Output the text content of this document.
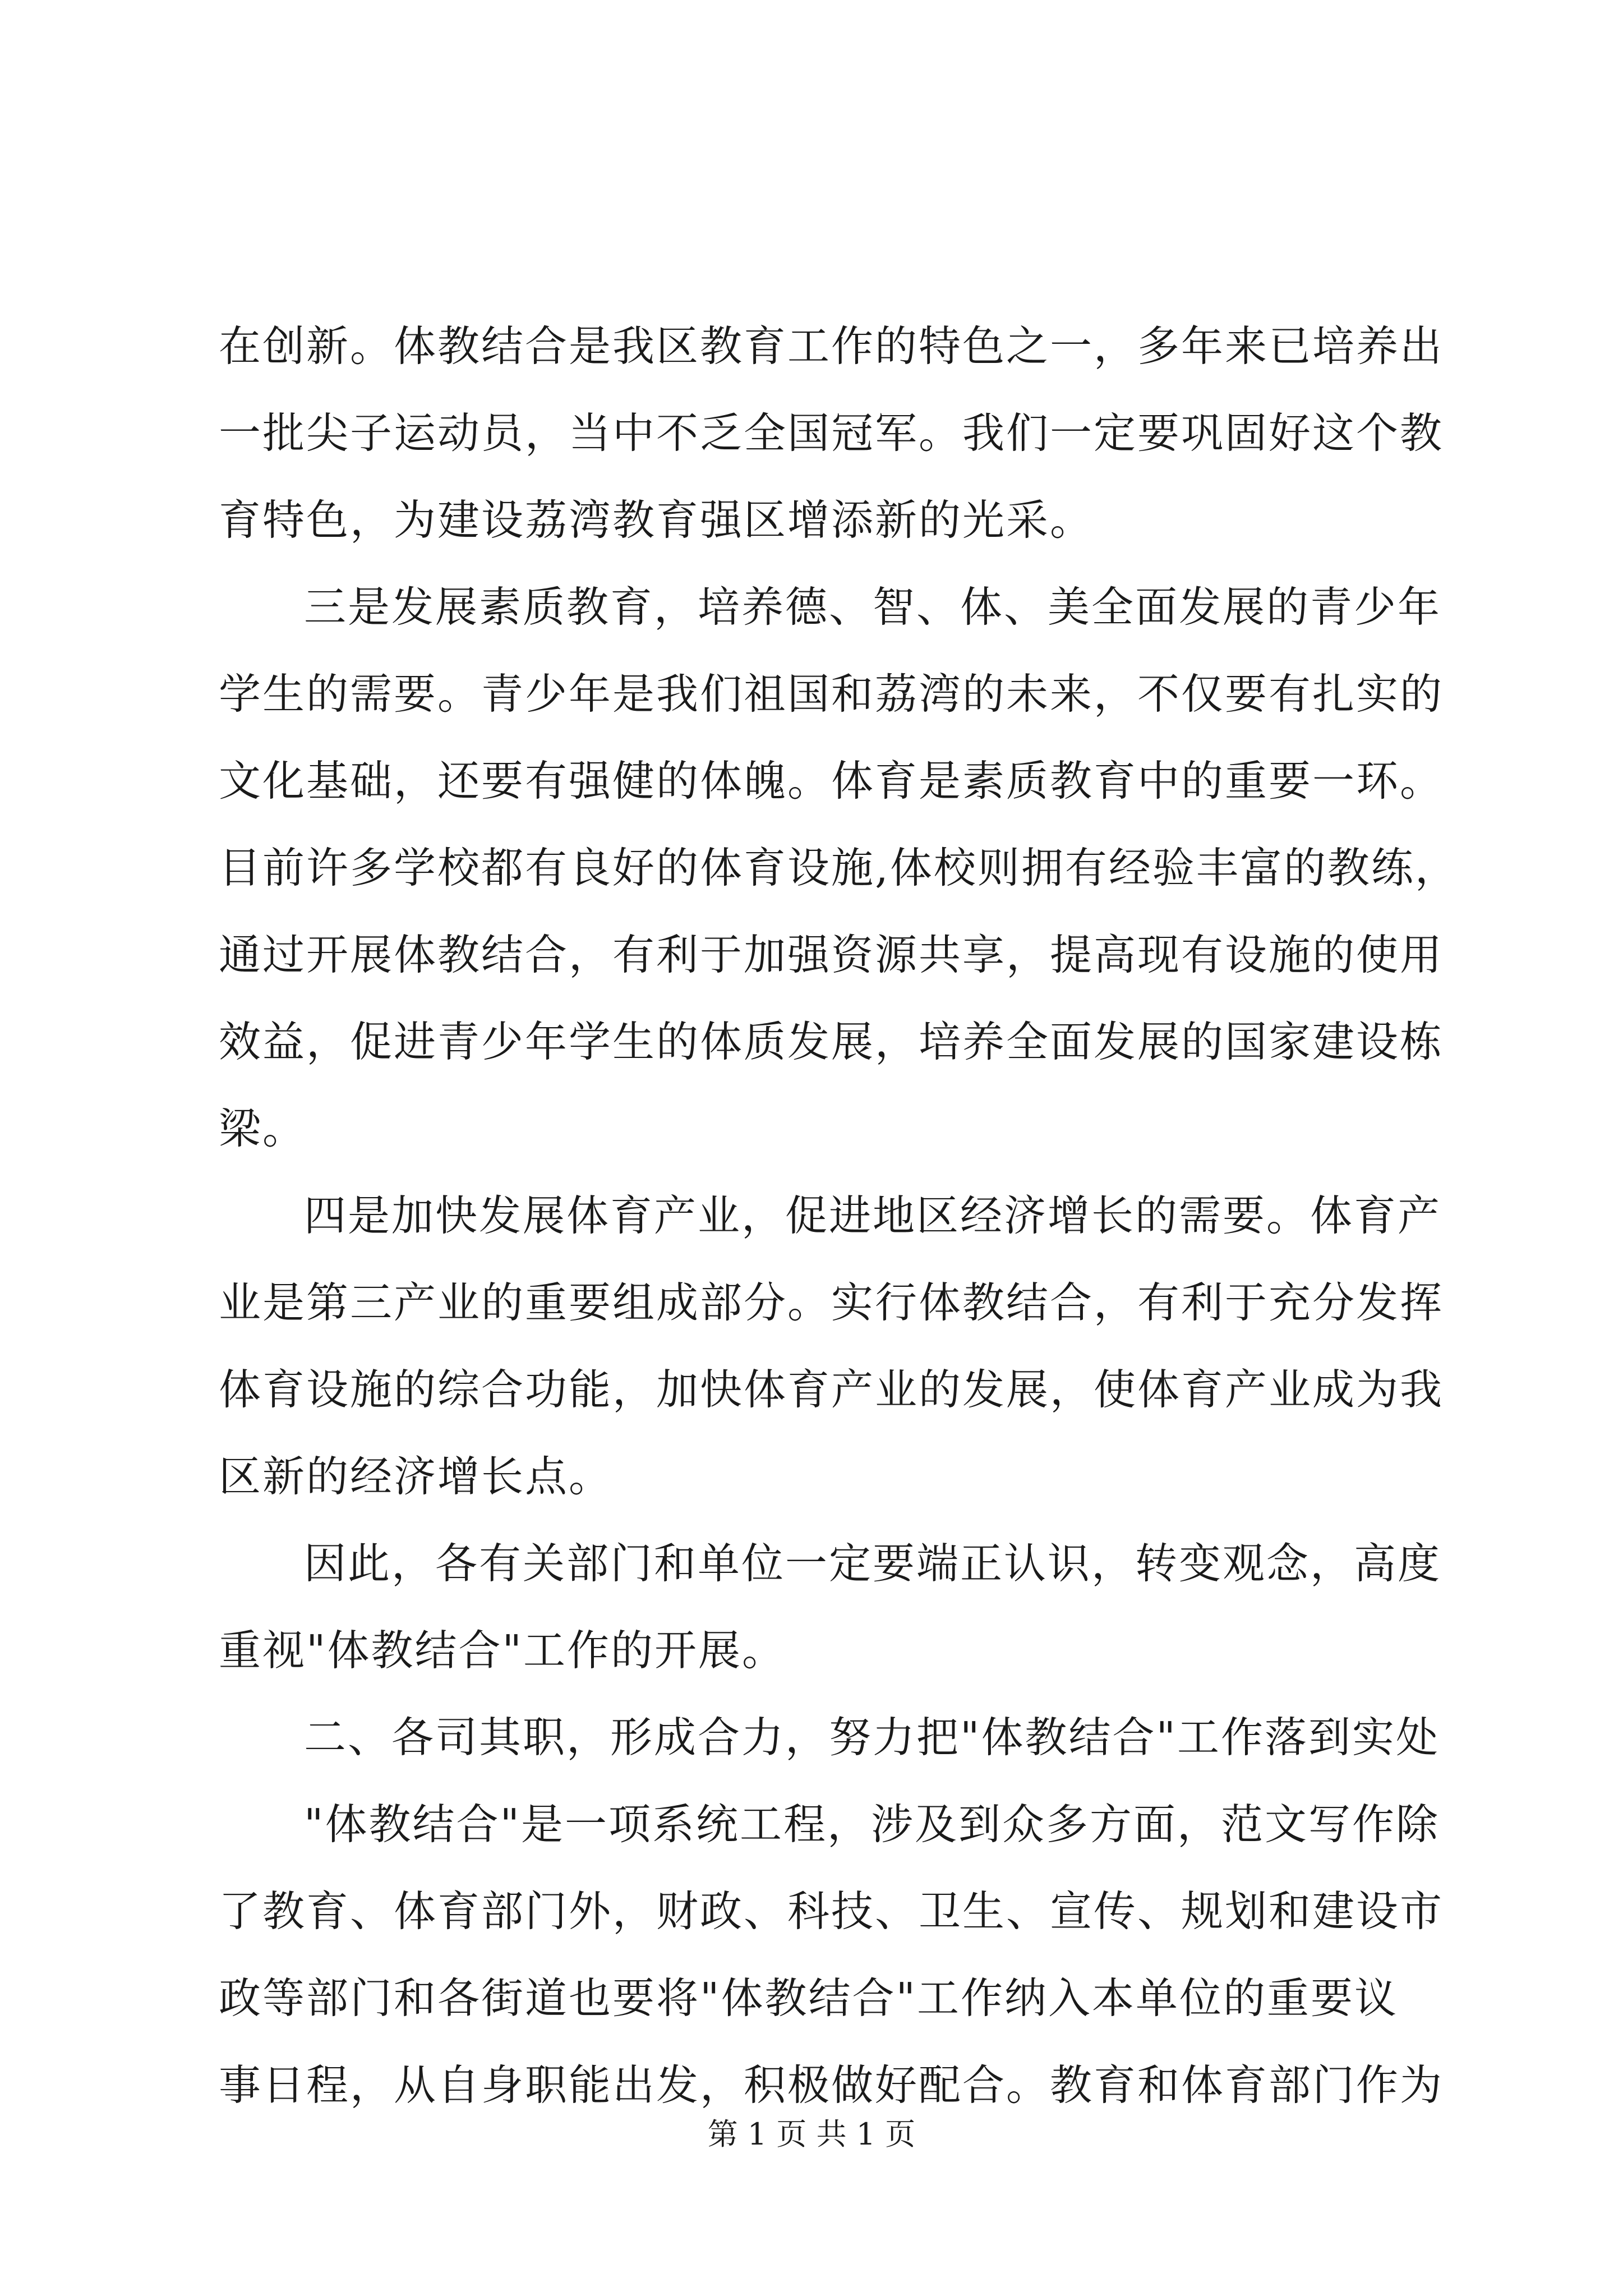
在创新。体教结合是我区教育工作的特色之一，多年来已培养出
一批尖子运动员，当中不乏全国冠军。我们一定要巩固好这个教
育特色，为建设荔湾教育强区增添新的光采。
三是发展素质教育，培养德、智、体、美全面发展的青少年
学生的需要。青少年是我们祖国和荔湾的未来，不仅要有扎实的
文化基础，还要有强健的体魄。体育是素质教育中的重要一环。
目前许多学校都有良好的体育设施,体校则拥有经验丰富的教练，
通过开展体教结合，有利于加强资源共享，提高现有设施的使用
效益，促进青少年学生的体质发展，培养全面发展的国家建设栋
梁。
四是加快发展体育产业，促进地区经济增长的需要。体育产
业是第三产业的重要组成部分。实行体教结合，有利于充分发挥
体育设施的综合功能，加快体育产业的发展，使体育产业成为我
区新的经济增长点。
因此，各有关部门和单位一定要端正认识，转变观念，高度
重视"体教结合"工作的开展。
二、各司其职，形成合力，努力把"体教结合"工作落到实处
"体教结合"是一项系统工程，涉及到众多方面，范文写作除
了教育、体育部门外，财政、科技、卫生、宣传、规划和建设市
政等部门和各街道也要将"体教结合"工作纳入本单位的重要议
事日程，从自身职能出发，积极做好配合。教育和体育部门作为
第 1 页 共 1 页
